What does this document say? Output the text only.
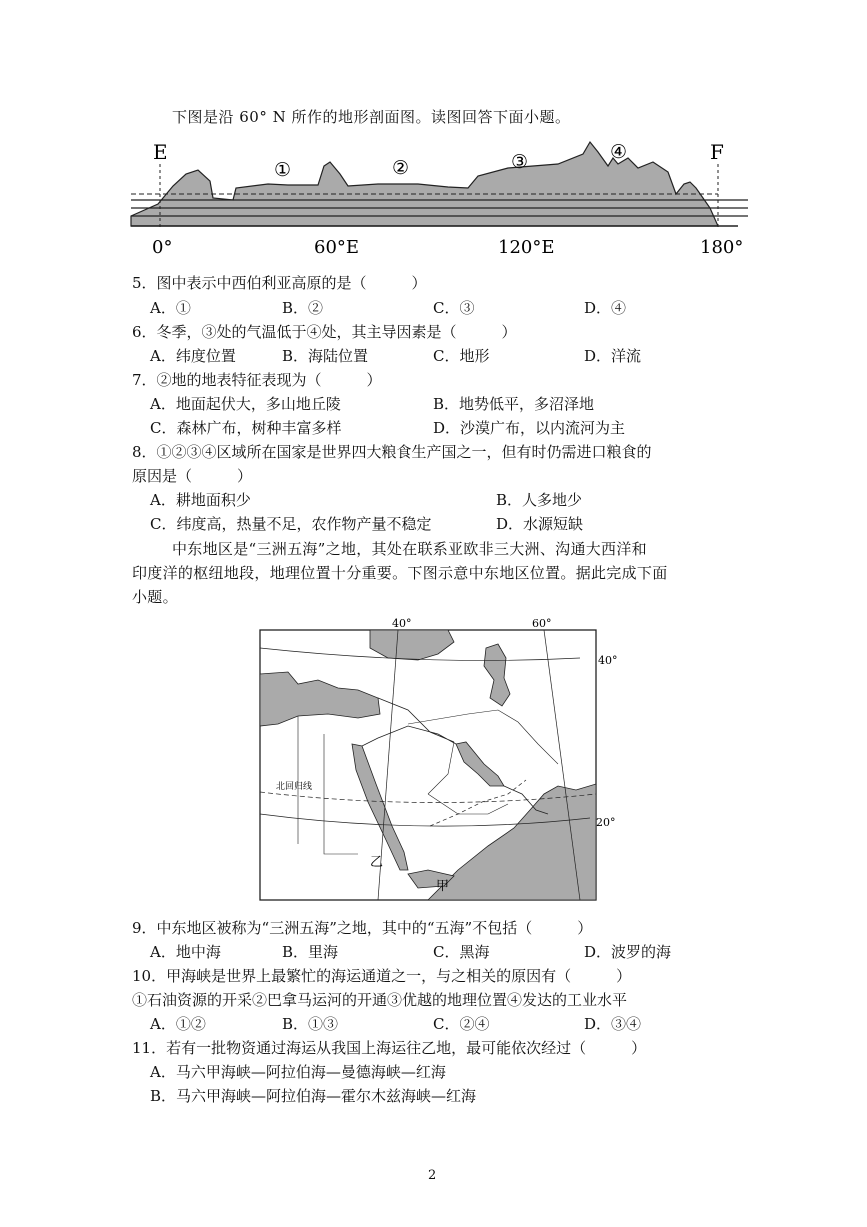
下图是沿 60° N 所作的地形剖面图。读图回答下面小题。
E	F
①	②	③	④
0°	60°E	120°E	180°
5．图中表示中西伯利亚高原的是（　　　）
A．①	B．②	C．③	D．④
6．冬季，③处的气温低于④处，其主导因素是（　　　）
A．纬度位置	B．海陆位置	C．地形	D．洋流
7．②地的地表特征表现为（　　　）
A．地面起伏大，多山地丘陵	B．地势低平，多沼泽地
C．森林广布，树种丰富多样	D．沙漠广布，以内流河为主
8．①②③④区域所在国家是世界四大粮食生产国之一，但有时仍需进口粮食的
原因是（　　　）
A．耕地面积少	B．人多地少
C．纬度高，热量不足，农作物产量不稳定	D．水源短缺
中东地区是“三洲五海”之地，其处在联系亚欧非三大洲、沟通大西洋和
印度洋的枢纽地段，地理位置十分重要。下图示意中东地区位置。据此完成下面
小题。
40°	60°
40°
20°
北回归线
乙
甲
9．中东地区被称为“三洲五海”之地，其中的“五海”不包括（　　　）
A．地中海	B．里海	C．黑海	D．波罗的海
10．甲海峡是世界上最繁忙的海运通道之一，与之相关的原因有（　　　）
①石油资源的开采②巴拿马运河的开通③优越的地理位置④发达的工业水平
A．①②	B．①③	C．②④	D．③④
11．若有一批物资通过海运从我国上海运往乙地，最可能依次经过（　　　）
A．马六甲海峡—阿拉伯海—曼德海峡—红海
B．马六甲海峡—阿拉伯海—霍尔木兹海峡—红海
2
